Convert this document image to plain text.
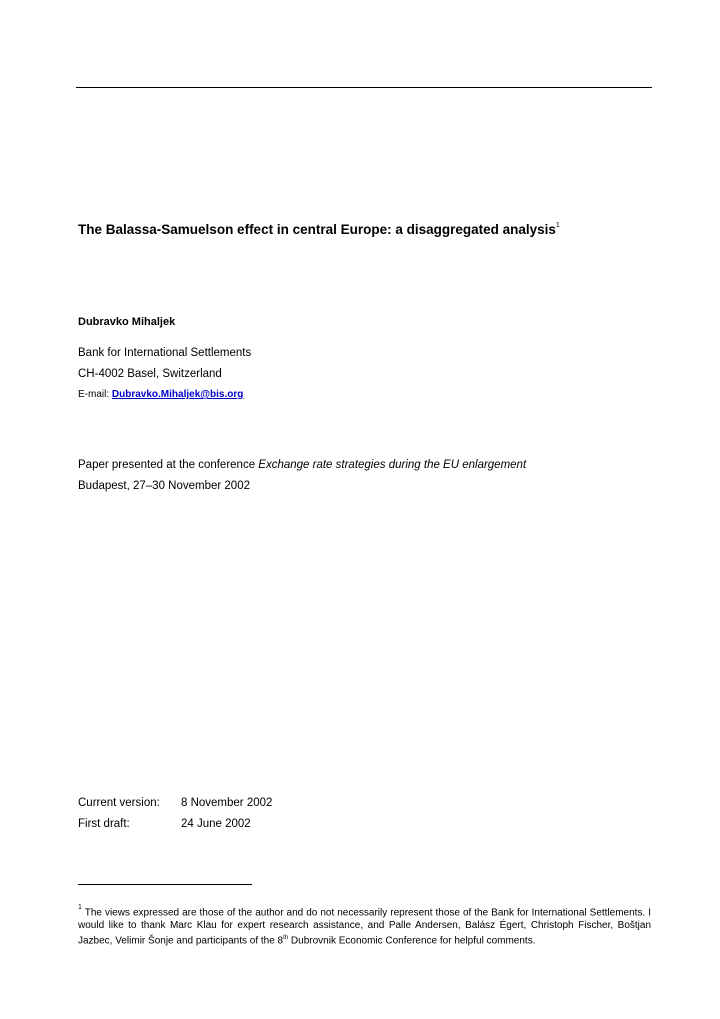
The Balassa-Samuelson effect in central Europe: a disaggregated analysis$^1$
Dubravko Mihaljek
Bank for International Settlements
CH-4002 Basel, Switzerland
E-mail: Dubravko.Mihaljek@bis.org
Paper presented at the conference Exchange rate strategies during the EU enlargement
Budapest, 27–30 November 2002
Current version: 8 November 2002
First draft:	24 June 2002
$^1$ The views expressed are those of the author and do not necessarily represent those of the Bank for International Settlements. I would like to thank Marc Klau for expert research assistance, and Palle Andersen, Balász Égert, Christoph Fischer, Boštjan Jazbec, Velimir Šonje and participants of the 8th Dubrovnik Economic Conference for helpful comments.
